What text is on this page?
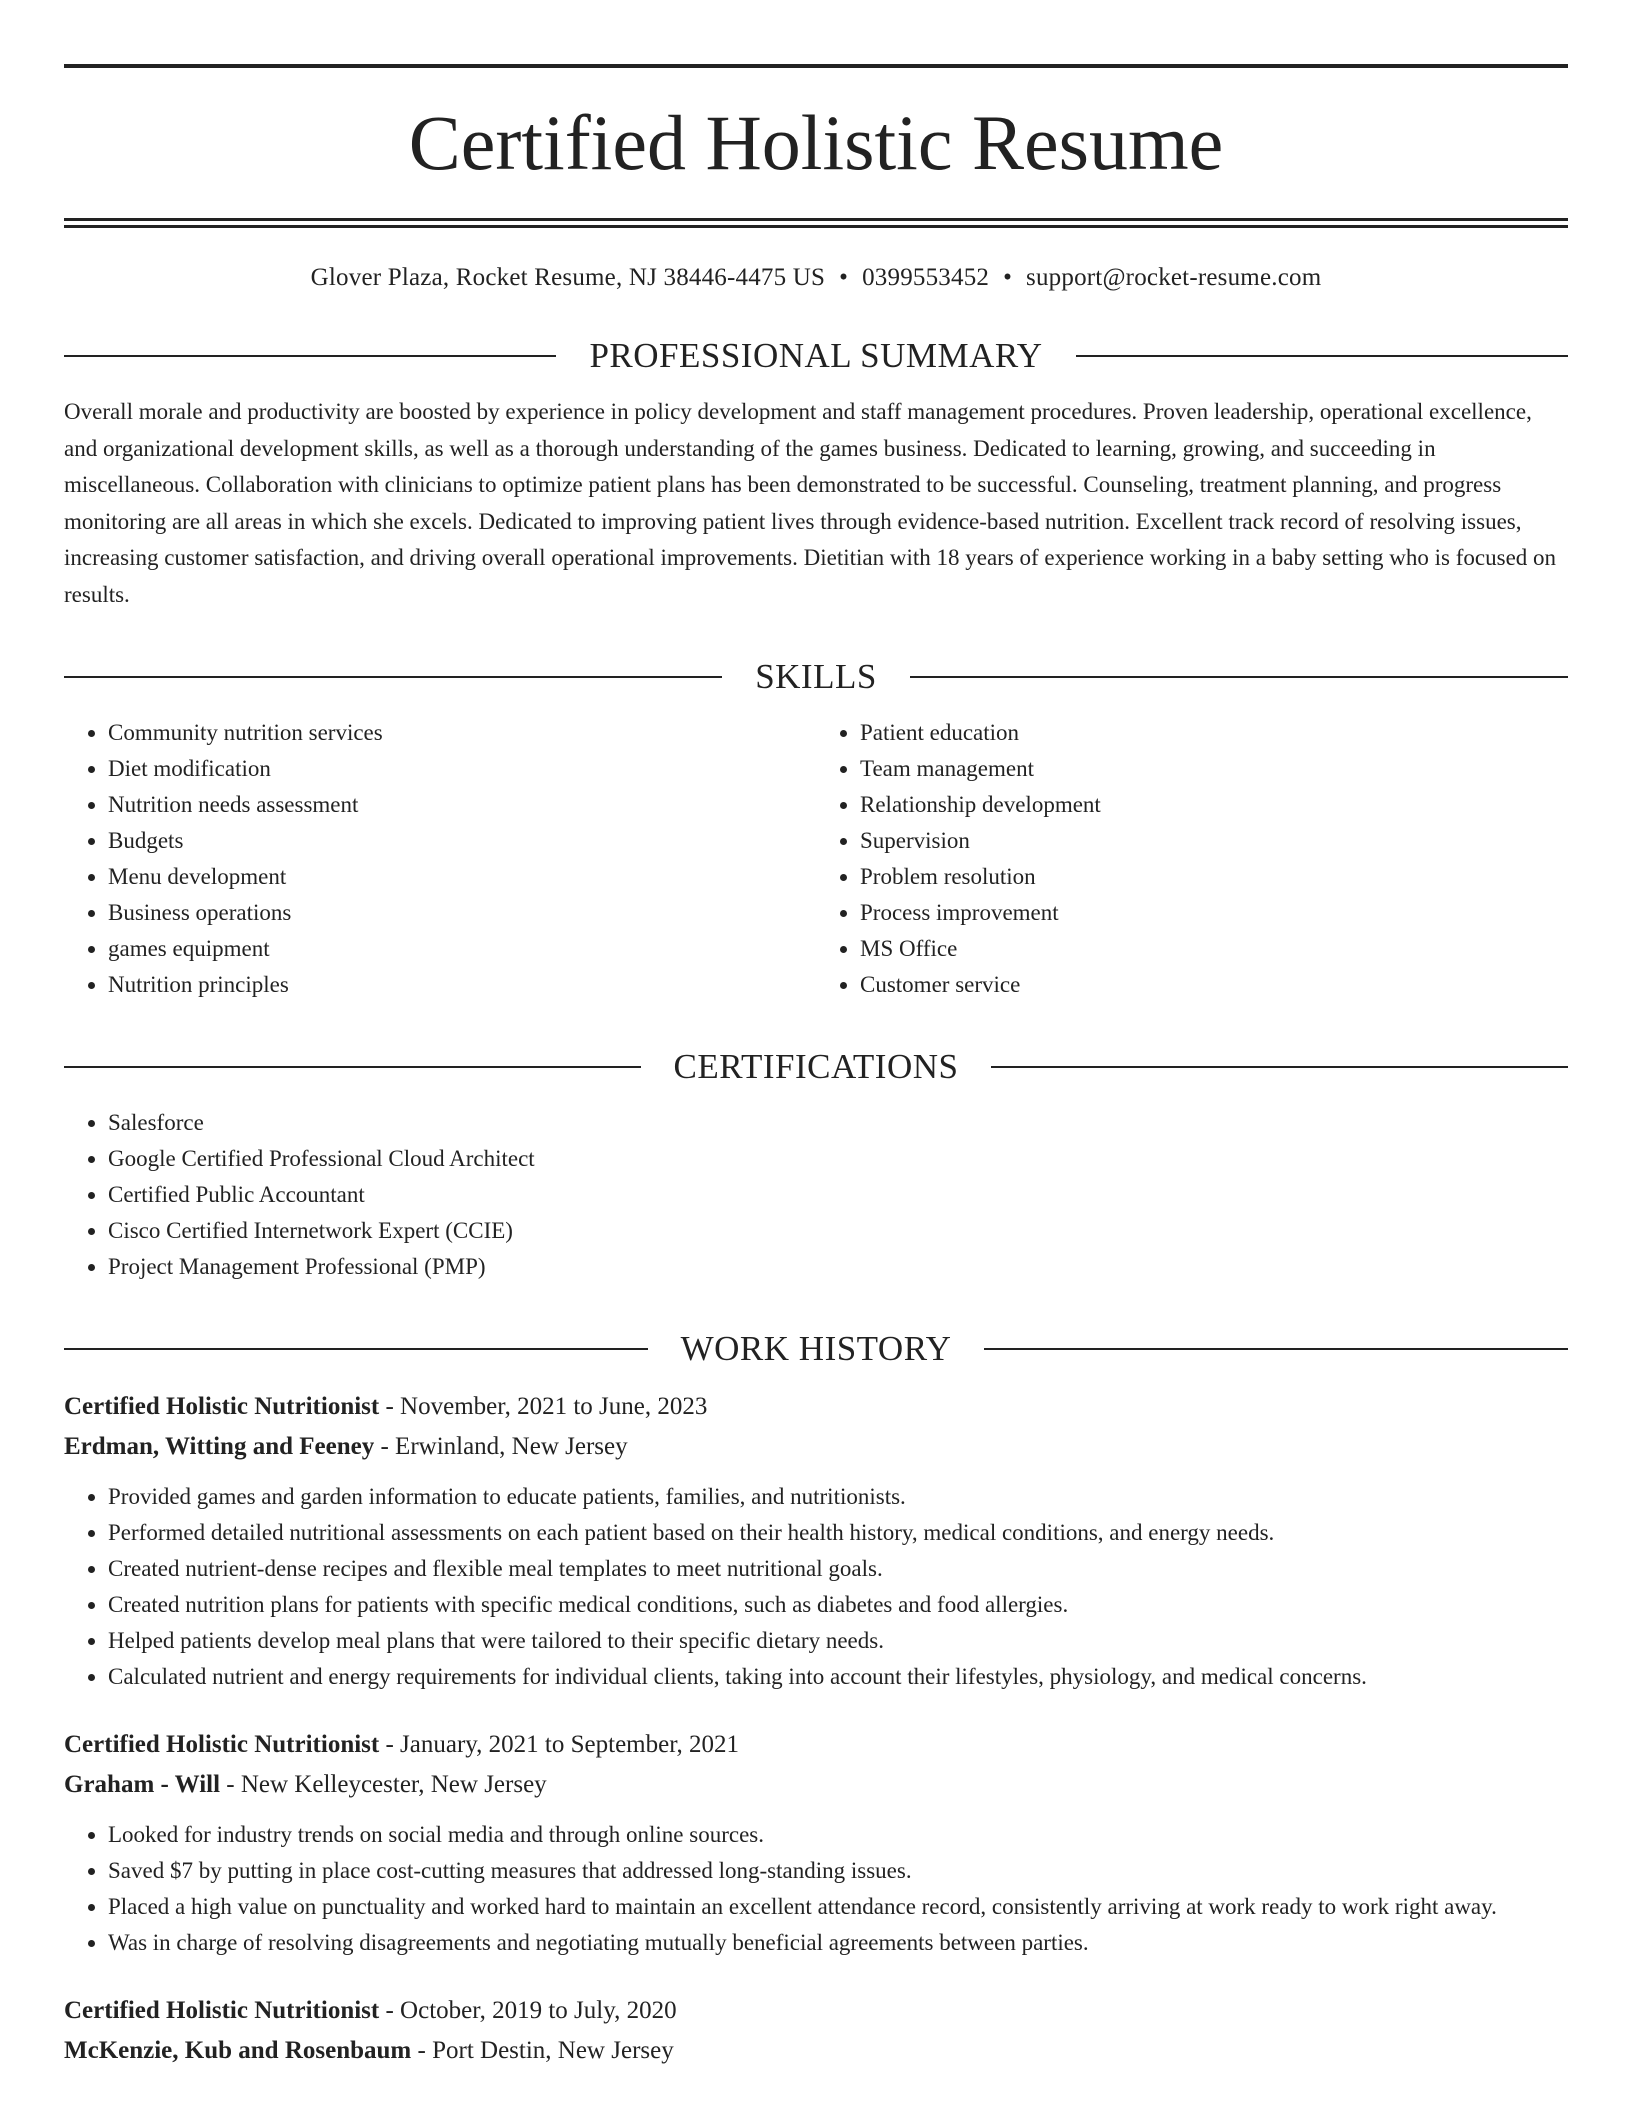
Certified Holistic Resume
Glover Plaza, Rocket Resume, NJ 38446-4475 US • 0399553452 • support@rocket-resume.com
PROFESSIONAL SUMMARY

Overall morale and productivity are boosted by experience in policy development and staff management procedures. Proven leadership, operational excellence, and organizational development skills, as well as a thorough understanding of the games business. Dedicated to learning, growing, and succeeding in miscellaneous. Collaboration with clinicians to optimize patient plans has been demonstrated to be successful. Counseling, treatment planning, and progress monitoring are all areas in which she excels. Dedicated to improving patient lives through evidence-based nutrition. Excellent track record of resolving issues, increasing customer satisfaction, and driving overall operational improvements. Dietitian with 18 years of experience working in a baby setting who is focused on results.

SKILLS
• Community nutrition services
• Diet modification
• Nutrition needs assessment
• Budgets
• Menu development
• Business operations
• games equipment
• Nutrition principles
• Patient education
• Team management
• Relationship development
• Supervision
• Problem resolution
• Process improvement
• MS Office
• Customer service
CERTIFICATIONS
• Salesforce
• Google Certified Professional Cloud Architect
• Certified Public Accountant
• Cisco Certified Internetwork Expert (CCIE)
• Project Management Professional (PMP)
WORK HISTORY
Certified Holistic Nutritionist - November, 2021 to June, 2023
Erdman, Witting and Feeney - Erwinland, New Jersey
• Provided games and garden information to educate patients, families, and nutritionists.
• Performed detailed nutritional assessments on each patient based on their health history, medical conditions, and energy needs.
• Created nutrient-dense recipes and flexible meal templates to meet nutritional goals.
• Created nutrition plans for patients with specific medical conditions, such as diabetes and food allergies.
• Helped patients develop meal plans that were tailored to their specific dietary needs.
• Calculated nutrient and energy requirements for individual clients, taking into account their lifestyles, physiology, and medical concerns.
Certified Holistic Nutritionist - January, 2021 to September, 2021
Graham - Will - New Kelleycester, New Jersey
• Looked for industry trends on social media and through online sources.
• Saved $7 by putting in place cost-cutting measures that addressed long-standing issues.
• Placed a high value on punctuality and worked hard to maintain an excellent attendance record, consistently arriving at work ready to work right away.
• Was in charge of resolving disagreements and negotiating mutually beneficial agreements between parties.
Certified Holistic Nutritionist - October, 2019 to July, 2020
McKenzie, Kub and Rosenbaum - Port Destin, New Jersey
